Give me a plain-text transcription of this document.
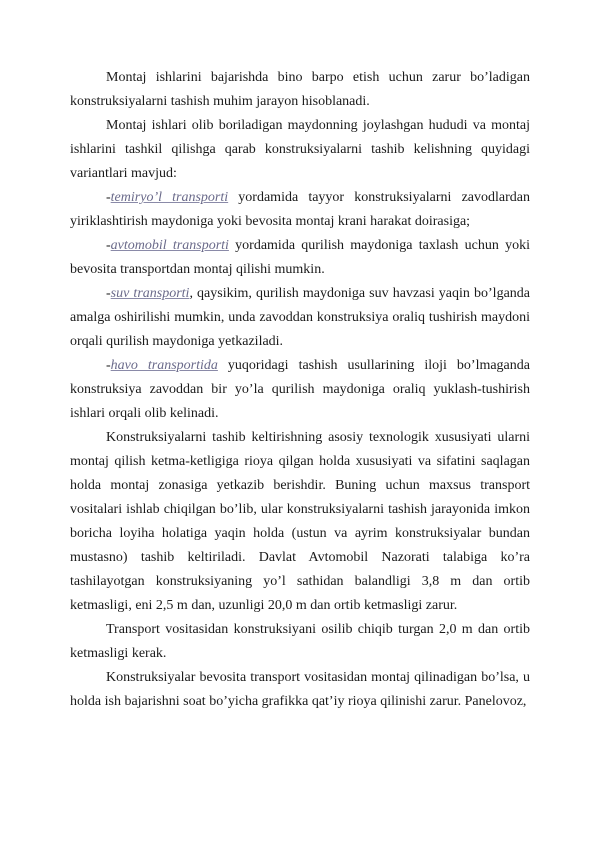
Montaj ishlarini bajarishda bino barpo etish uchun zarur bo’ladigan konstruksiyalarni tashish muhim jarayon hisoblanadi.

Montaj ishlari olib boriladigan maydonning joylashgan hududi va montaj ishlarini tashkil qilishga qarab konstruksiyalarni tashib kelishning quyidagi variantlari mavjud:

-temiryo’l transporti yordamida tayyor konstruksiyalarni zavodlardan yiriklashtirish maydoniga yoki bevosita montaj krani harakat doirasiga;

-avtomobil transporti yordamida qurilish maydoniga taxlash uchun yoki bevosita transportdan montaj qilishi mumkin.

-suv transporti, qaysikim, qurilish maydoniga suv havzasi yaqin bo’lganda amalga oshirilishi mumkin, unda zavoddan konstruksiya oraliq tushirish maydoni orqali qurilish maydoniga yetkaziladi.

-havo transportida yuqoridagi tashish usullarining iloji bo’lmaganda konstruksiya zavoddan bir yo’la qurilish maydoniga oraliq yuklash-tushirish ishlari orqali olib kelinadi.

Konstruksiyalarni tashib keltirishning asosiy texnologik xususiyati ularni montaj qilish ketma-ketligiga rioya qilgan holda xususiyati va sifatini saqlagan holda montaj zonasiga yetkazib berishdir. Buning uchun maxsus transport vositalari ishlab chiqilgan bo’lib, ular konstruksiyalarni tashish jarayonida imkon boricha loyiha holatiga yaqin holda (ustun va ayrim konstruksiyalar bundan mustasno) tashib keltiriladi. Davlat Avtomobil Nazorati talabiga ko’ra tashilayotgan konstruksiyaning yo’l sathidan balandligi 3,8 m dan ortib ketmasligi, eni 2,5 m dan, uzunligi 20,0 m dan ortib ketmasligi zarur.

Transport vositasidan konstruksiyani osilib chiqib turgan 2,0 m dan ortib ketmasligi kerak.

Konstruksiyalar bevosita transport vositasidan montaj qilinadigan bo’lsa, u holda ish bajarishni soat bo’yicha grafikka qat’iy rioya qilinishi zarur. Panelovoz,
